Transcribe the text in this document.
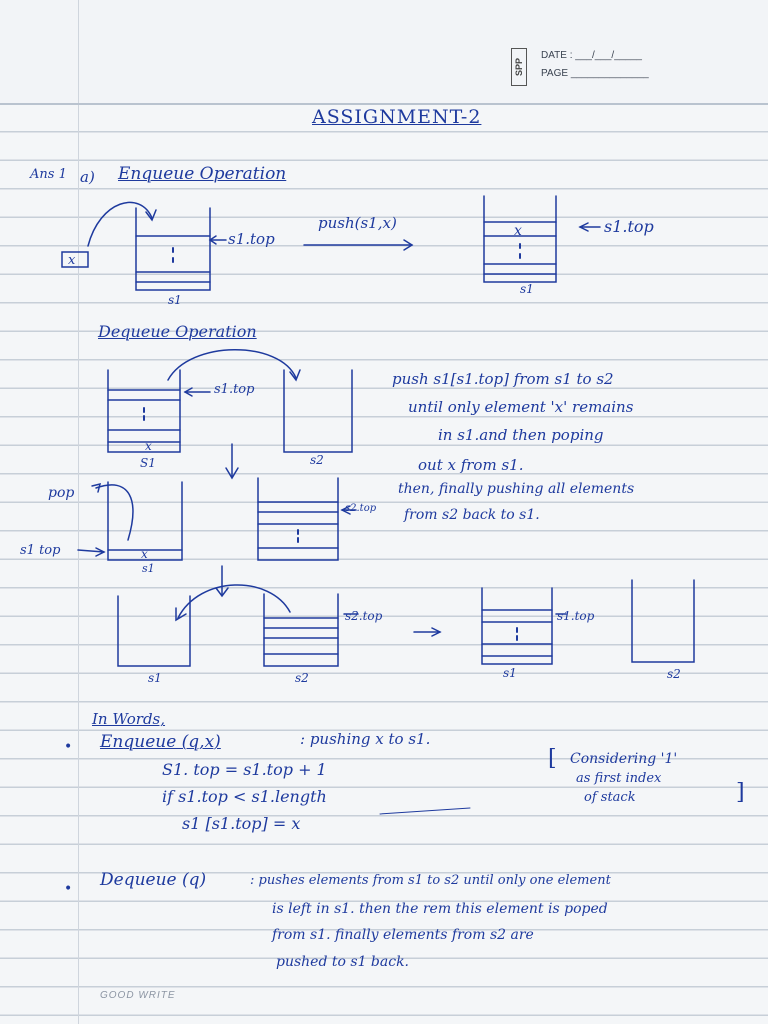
SPP
DATE : ___/___/_____
PAGE ______________
ASSIGNMENT-2
Ans 1 a) Enqueue Operation
x
s1.top
s1
push(s1,x)	x	s1.top
s1
Dequeue Operation
s1.top
x
S1	s2
pop
s1 top	x
s1
s2.top
s1	s2
s2.top	s1.top
s1	s2
push s1[s1.top] from s1 to s2
until only element 'x' remains
in s1.and then poping
out x from s1.
then, finally pushing all elements
from s2 back to s1.
In Words,
• Enqueue (q,x)	: pushing x to s1.
S1. top = s1.top + 1
if s1.top < s1.length
s1 [s1.top] = x
[ Considering '1'
as first index
of stack	]
• Dequeue (q)	: pushes elements from s1 to s2 until only one element
is left in s1. then the rem this element is poped
from s1. finally elements from s2 are
pushed to s1 back.
GOOD WRITE
